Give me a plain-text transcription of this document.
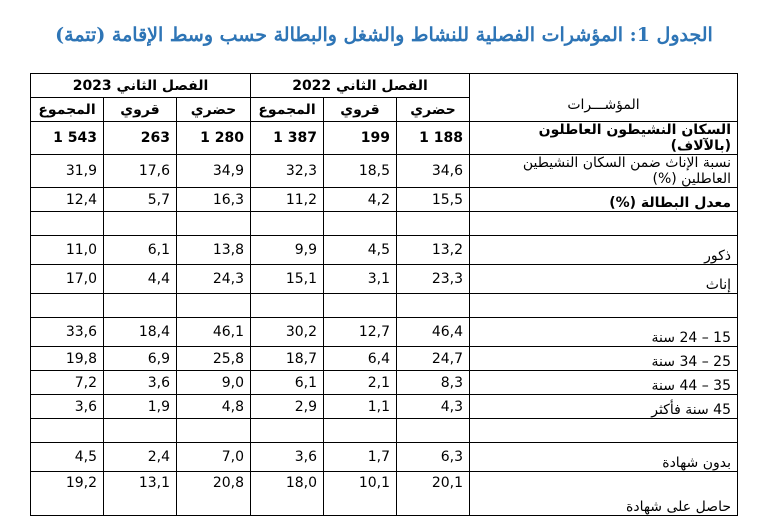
الجدول 1: المؤشرات الفصلية للنشاط والشغل والبطالة حسب وسط الإقامة (تتمة)
الفصل الثاني 2023			الفصل الثاني 2022			المؤشـــرات
المجموع	قروي	حضري	المجموع	قروي	حضري	
1 543	263	1 280	1 387	199	1 188	السكان النشيطون العاطلون (بالآلاف)
31,9	17,6	34,9	32,3	18,5	34,6	نسبة الإناث ضمن السكان النشيطين العاطلين (%)
12,4	5,7	16,3	11,2	4,2	15,5	معدل البطالة (%)

11,0	6,1	13,8	9,9	4,5	13,2	ذكور
17,0	4,4	24,3	15,1	3,1	23,3	إناث

33,6	18,4	46,1	30,2	12,7	46,4	15 – 24 سنة
19,8	6,9	25,8	18,7	6,4	24,7	25 – 34 سنة
7,2	3,6	9,0	6,1	2,1	8,3	35 – 44 سنة
3,6	1,9	4,8	2,9	1,1	4,3	45 سنة فأكثر

4,5	2,4	7,0	3,6	1,7	6,3	بدون شهادة
19,2	13,1	20,8	18,0	10,1	20,1	حاصل على شهادة
